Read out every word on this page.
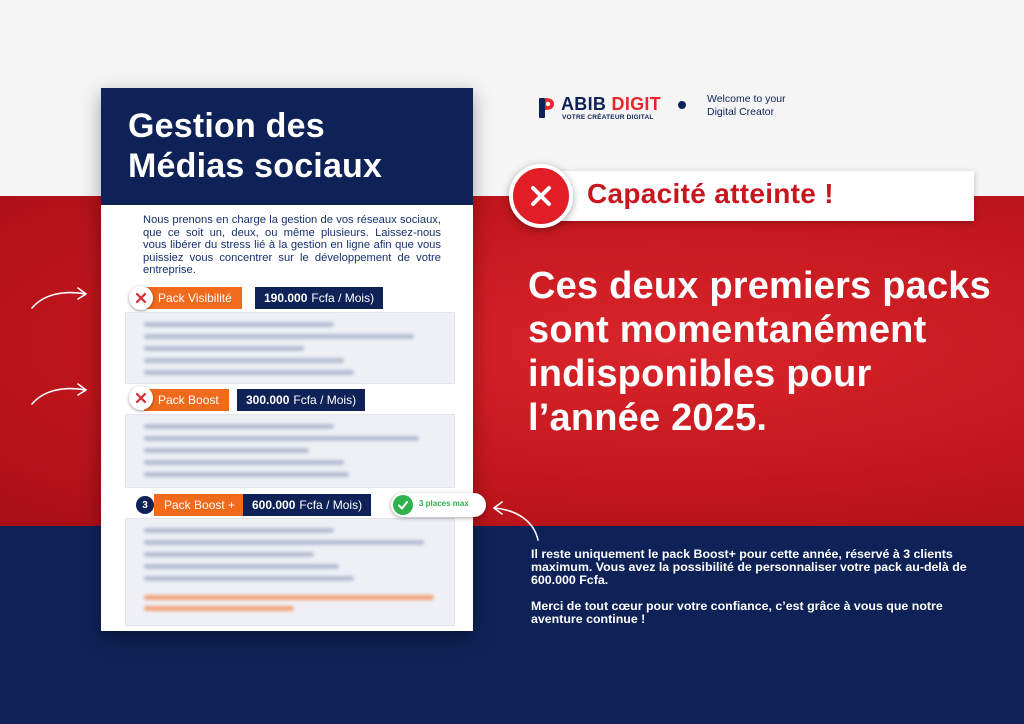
Gestion des
Médias sociaux
Nous prenons en charge la gestion de vos réseaux sociaux, que ce soit un, deux, ou même plusieurs. Laissez-nous vous libérer du stress lié à la gestion en ligne afin que vous puissiez vous concentrer sur le développement de votre entreprise.
Pack Visibilité	190.000 Fcfa / Mois)
Pack Boost	300.000 Fcfa / Mois)
3	Pack Boost +	600.000 Fcfa / Mois)	3 places max
ABIB DIGIT
VOTRE CRÉATEUR DIGITAL
Welcome to your
Digital Creator
Capacité atteinte !
Ces deux premiers packs sont momentanément indisponibles pour l’année 2025.

Il reste uniquement le pack Boost+ pour cette année, réservé à 3 clients maximum. Vous avez la possibilité de personnaliser votre pack au-delà de 600.000 Fcfa.

Merci de tout cœur pour votre confiance, c’est grâce à vous que notre aventure continue !
